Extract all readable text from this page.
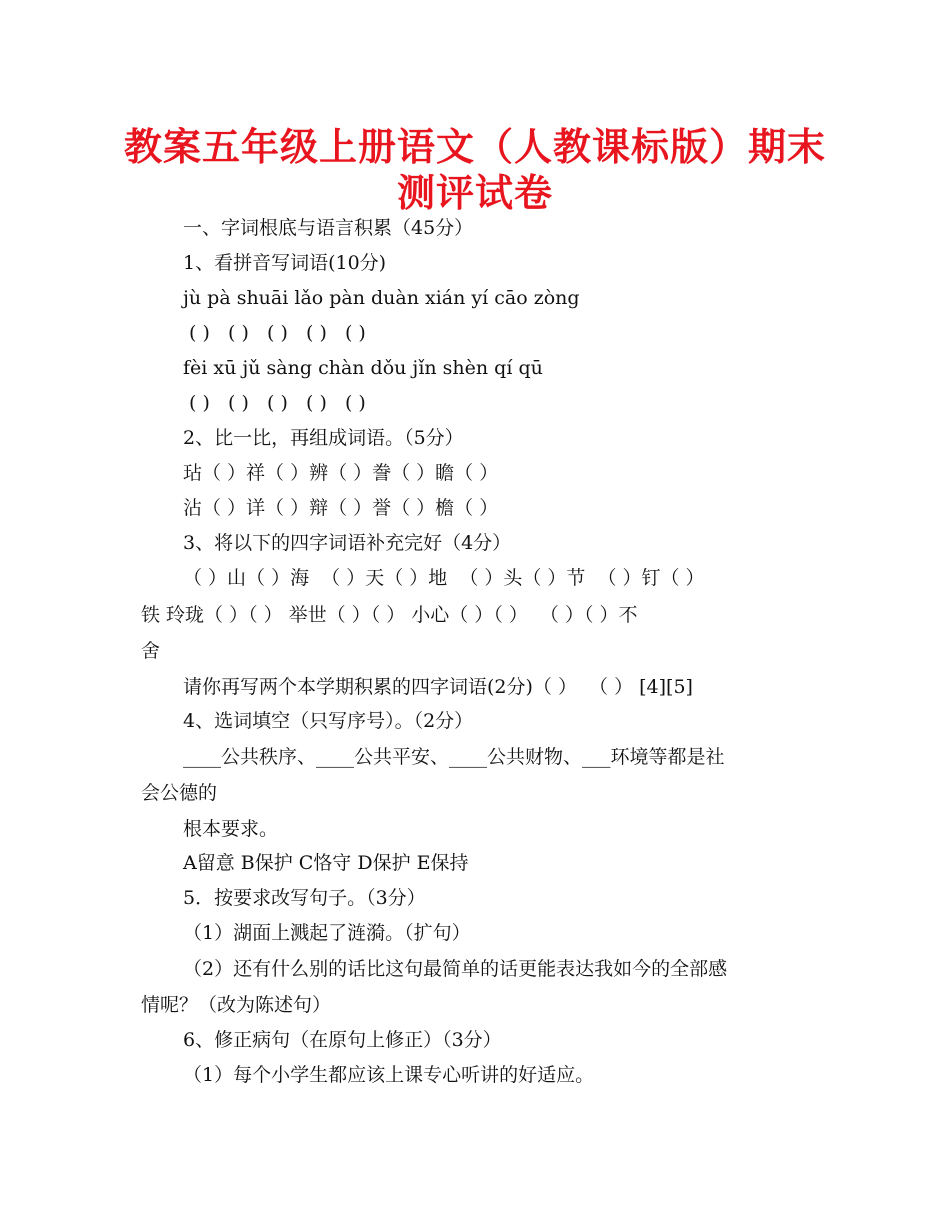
教案五年级上册语文（人教课标版）期末
测评试卷
一、字词根底与语言积累（45分）
1、看拼音写词语(10分)
jù pà shuāi lǎo pàn duàn xián yí cāo zòng
( )   ( )   ( )   ( )   ( )
fèi xū jǔ sàng chàn dǒu jǐn shèn qí qū
( )   ( )   ( )   ( )   ( )
2、比一比，再组成词语。（5分）
玷（ ）祥（ ）辨（ ）誊（ ）瞻（ ）
沾（ ）详（ ）辩（ ）誉（ ）檐（ ）
3、将以下的四字词语补充完好（4分）
（ ）山（ ）海  （ ）天（ ）地  （ ）头（ ）节  （ ）钉（ ）
铁 玲珑（ ）（ ） 举世（ ）（ ） 小心（ ）（ ）  （ ）（ ）不
舍
请你再写两个本学期积累的四字词语(2分)（ ）  （ ） [4][5]
4、选词填空（只写序号）。（2分）
____公共秩序、____公共平安、____公共财物、___环境等都是社
会公德的
根本要求。
A留意 B保护 C恪守 D保护 E保持
5．按要求改写句子。（3分）
（1）湖面上溅起了涟漪。（扩句）
（2）还有什么别的话比这句最简单的话更能表达我如今的全部感
情呢？（改为陈述句）
6、修正病句（在原句上修正）（3分）
（1）每个小学生都应该上课专心听讲的好适应。
